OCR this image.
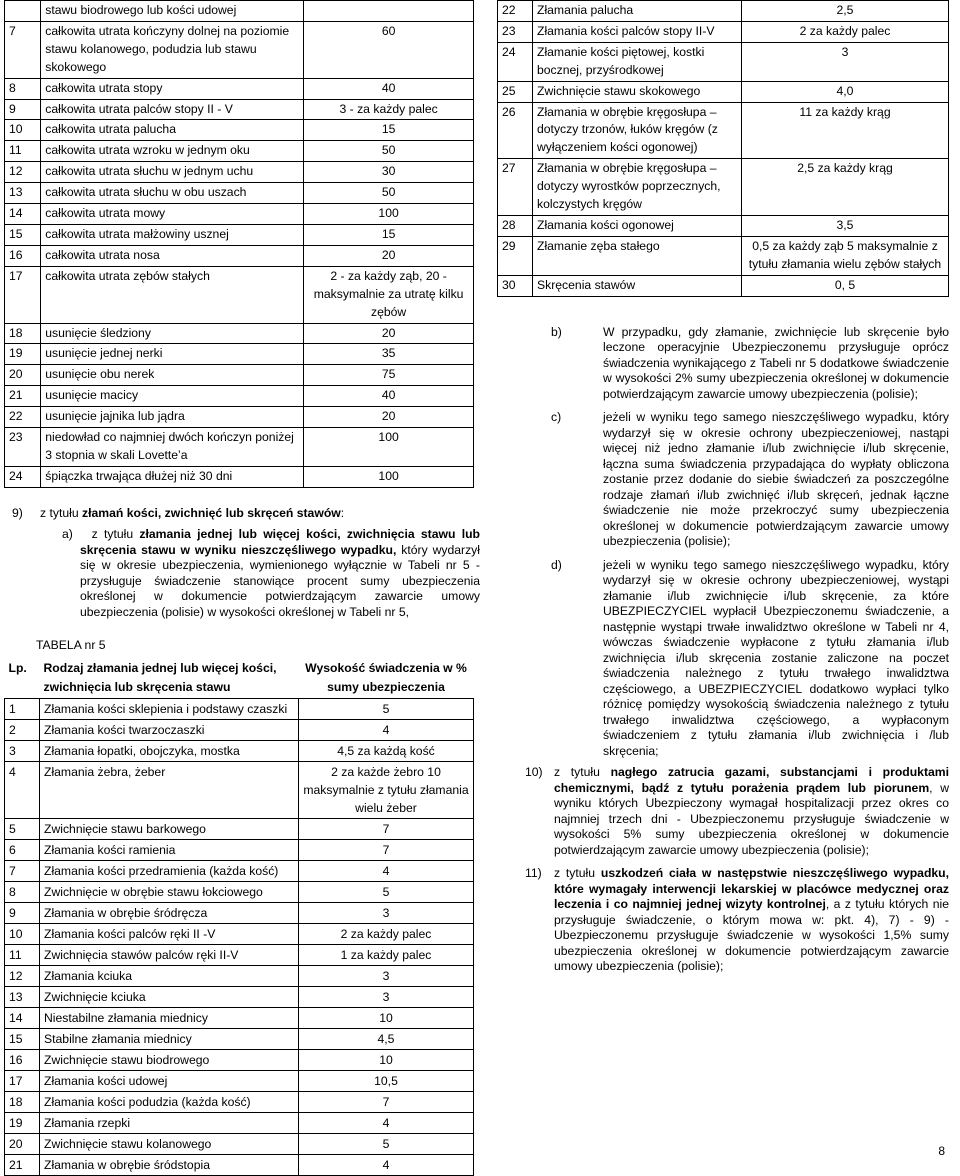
	stawu biodrowego lub kości udowej	
7	całkowita utrata kończyny dolnej na poziomie stawu kolanowego, podudzia lub stawu skokowego	60
8	całkowita utrata stopy	40
9	całkowita utrata palców stopy II - V	3 - za każdy palec
10	całkowita utrata palucha	15
11	całkowita utrata wzroku w jednym oku	50
12	całkowita utrata słuchu w jednym uchu	30
13	całkowita utrata słuchu w obu uszach	50
14	całkowita utrata mowy	100
15	całkowita utrata małżowiny usznej	15
16	całkowita utrata nosa	20
17	całkowita utrata zębów stałych	2 - za każdy ząb, 20 - maksymalnie za utratę kilku zębów
18	usunięcie śledziony	20
19	usunięcie jednej nerki	35
20	usunięcie obu nerek	75
21	usunięcie macicy	40
22	usunięcie jajnika lub jądra	20
23	niedowład co najmniej dwóch kończyn poniżej 3 stopnia w skali Lovette’a	100
24	śpiączka trwająca dłużej niż 30 dni	100
9) z tytułu złamań kości, zwichnięć lub skręceń stawów:
a) z tytułu złamania jednej lub więcej kości, zwichnięcia stawu lub skręcenia stawu w wyniku nieszczęśliwego wypadku, który wydarzył się w okresie ubezpieczenia, wymienionego wyłącznie w Tabeli nr 5 - przysługuje świadczenie stanowiące procent sumy ubezpieczenia określonej w dokumencie potwierdzającym zawarcie umowy ubezpieczenia (polisie) w wysokości określonej w Tabeli nr 5,
TABELA nr 5
Lp.	Rodzaj złamania jednej lub więcej kości, zwichnięcia lub skręcenia stawu	Wysokość świadczenia w % sumy ubezpieczenia
1	Złamania kości sklepienia i podstawy czaszki	5
2	Złamania kości twarzoczaszki	4
3	Złamania łopatki, obojczyka, mostka	4,5 za każdą kość
4	Złamania żebra, żeber	2 za każde żebro 10 maksymalnie z tytułu złamania wielu żeber
5	Zwichnięcie stawu barkowego	7
6	Złamania kości ramienia	7
7	Złamania kości przedramienia (każda kość)	4
8	Zwichnięcie w obrębie stawu łokciowego	5
9	Złamania w obrębie śródręcza	3
10	Złamania kości palców ręki II -V	2 za każdy palec
11	Zwichnięcia stawów palców ręki II-V	1 za każdy palec
12	Złamania kciuka	3
13	Zwichnięcie kciuka	3
14	Niestabilne złamania miednicy	10
15	Stabilne złamania miednicy	4,5
16	Zwichnięcie stawu biodrowego	10
17	Złamania kości udowej	10,5
18	Złamania kości podudzia (każda kość)	7
19	Złamania rzepki	4
20	Zwichnięcie stawu kolanowego	5
21	Złamania w obrębie śródstopia	4
22	Złamania palucha	2,5
23	Złamania kości palców stopy II-V	2 za każdy palec
24	Złamanie kości piętowej, kostki bocznej, przyśrodkowej	3
25	Zwichnięcie stawu skokowego	4,0
26	Złamania w obrębie kręgosłupa – dotyczy trzonów, łuków kręgów (z wyłączeniem kości ogonowej)	11 za każdy krąg
27	Złamania w obrębie kręgosłupa – dotyczy wyrostków poprzecznych, kolczystych kręgów	2,5 za każdy krąg
28	Złamania kości ogonowej	3,5
29	Złamanie zęba stałego	0,5 za każdy ząb 5 maksymalnie z tytułu złamania wielu zębów stałych
30	Skręcenia stawów	0, 5
b)	W przypadku, gdy złamanie, zwichnięcie lub skręcenie było leczone operacyjnie Ubezpieczonemu przysługuje oprócz świadczenia wynikającego z Tabeli nr 5 dodatkowe świadczenie w wysokości 2% sumy ubezpieczenia określonej w dokumencie potwierdzającym zawarcie umowy ubezpieczenia (polisie);
c)	jeżeli w wyniku tego samego nieszczęśliwego wypadku, który wydarzył się w okresie ochrony ubezpieczeniowej, nastąpi więcej niż jedno złamanie i/lub zwichnięcie i/lub skręcenie, łączna suma świadczenia przypadająca do wypłaty obliczona zostanie przez dodanie do siebie świadczeń za poszczególne rodzaje złamań i/lub zwichnięć i/lub skręceń, jednak łączne świadczenie nie może przekroczyć sumy ubezpieczenia określonej w dokumencie potwierdzającym zawarcie umowy ubezpieczenia (polisie);
d)	jeżeli w wyniku tego samego nieszczęśliwego wypadku, który wydarzył się w okresie ochrony ubezpieczeniowej, wystąpi złamanie i/lub zwichnięcie i/lub skręcenie, za które UBEZPIECZYCIEL wypłacił Ubezpieczonemu świadczenie, a następnie wystąpi trwałe inwalidztwo określone w Tabeli nr 4, wówczas świadczenie wypłacone z tytułu złamania i/lub zwichnięcia i/lub skręcenia zostanie zaliczone na poczet świadczenia należnego z tytułu trwałego inwalidztwa częściowego, a UBEZPIECZYCIEL dodatkowo wypłaci tylko różnicę pomiędzy wysokością świadczenia należnego z tytułu trwałego inwalidztwa częściowego, a wypłaconym świadczeniem z tytułu złamania i/lub zwichnięcia i /lub skręcenia;
10) z tytułu nagłego zatrucia gazami, substancjami i produktami chemicznymi, bądź z tytułu porażenia prądem lub piorunem, w wyniku których Ubezpieczony wymagał hospitalizacji przez okres co najmniej trzech dni - Ubezpieczonemu przysługuje świadczenie w wysokości 5% sumy ubezpieczenia określonej w dokumencie potwierdzającym zawarcie umowy ubezpieczenia (polisie);
11) z tytułu uszkodzeń ciała w następstwie nieszczęśliwego wypadku, które wymagały interwencji lekarskiej w placówce medycznej oraz leczenia i co najmniej jednej wizyty kontrolnej, a z tytułu których nie przysługuje świadczenie, o którym mowa w: pkt. 4), 7) - 9) - Ubezpieczonemu przysługuje świadczenie w wysokości 1,5% sumy ubezpieczenia określonej w dokumencie potwierdzającym zawarcie umowy ubezpieczenia (polisie);
8
